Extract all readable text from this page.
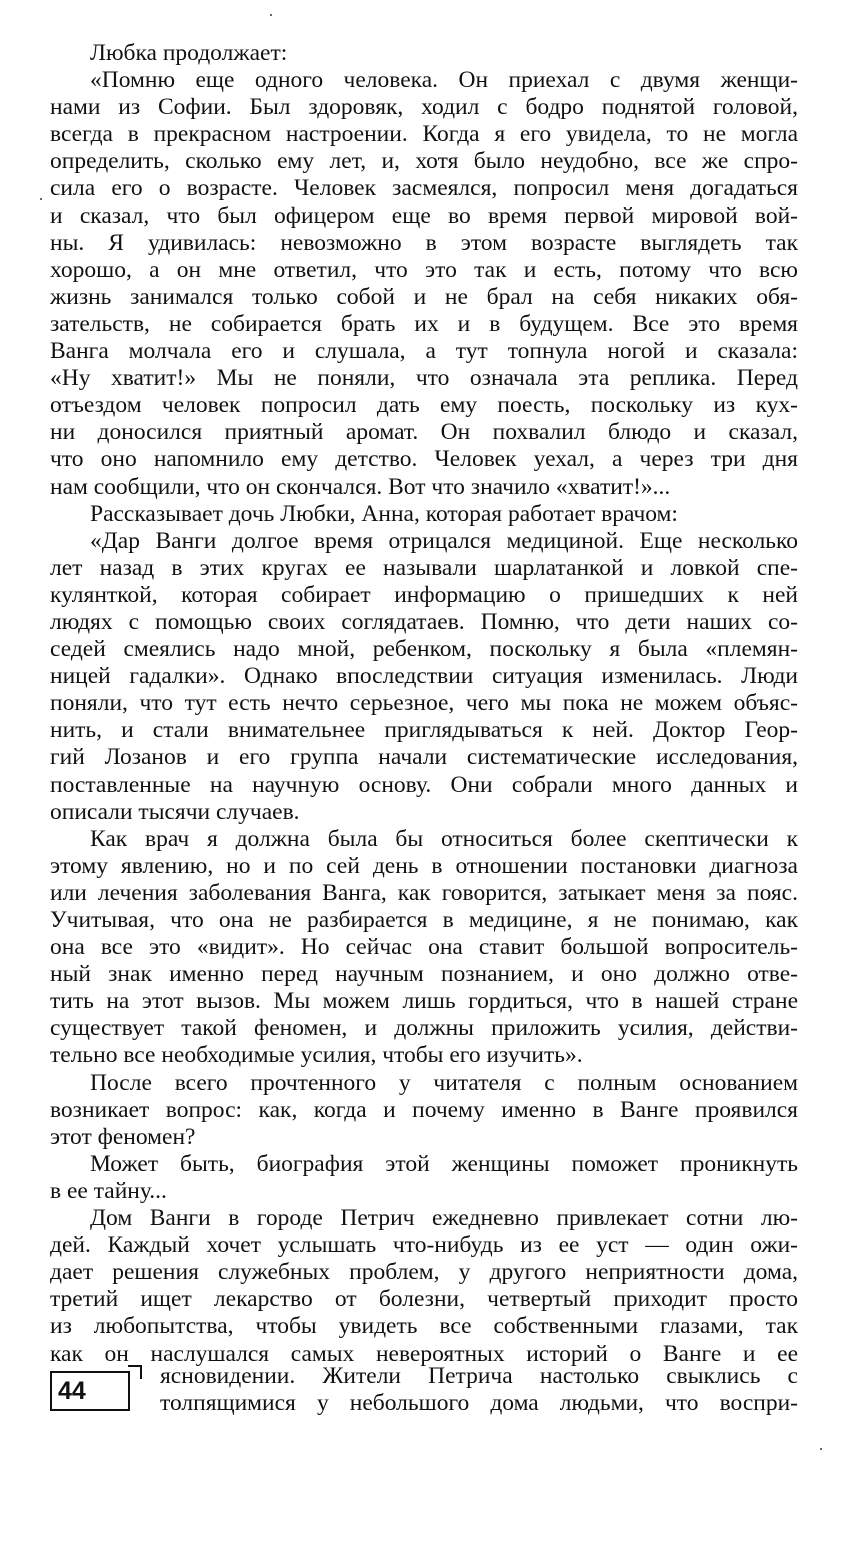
Любка продолжает:
«Помню еще одного человека. Он приехал с двумя женщи-
нами из Софии. Был здоровяк, ходил с бодро поднятой головой,
всегда в прекрасном настроении. Когда я его увидела, то не могла
определить, сколько ему лет, и, хотя было неудобно, все же спро-
сила его о возрасте. Человек засмеялся, попросил меня догадаться
и сказал, что был офицером еще во время первой мировой вой-
ны. Я удивилась: невозможно в этом возрасте выглядеть так
хорошо, а он мне ответил, что это так и есть, потому что всю
жизнь занимался только собой и не брал на себя никаких обя-
зательств, не собирается брать их и в будущем. Все это время
Ванга молчала его и слушала, а тут топнула ногой и сказала:
«Ну хватит!» Мы не поняли, что означала эта реплика. Перед
отъездом человек попросил дать ему поесть, поскольку из кух-
ни доносился приятный аромат. Он похвалил блюдо и сказал,
что оно напомнило ему детство. Человек уехал, а через три дня
нам сообщили, что он скончался. Вот что значило «хватит!»...
Рассказывает дочь Любки, Анна, которая работает врачом:
«Дар Ванги долгое время отрицался медициной. Еще несколько
лет назад в этих кругах ее называли шарлатанкой и ловкой спе-
кулянткой, которая собирает информацию о пришедших к ней
людях с помощью своих соглядатаев. Помню, что дети наших со-
седей смеялись надо мной, ребенком, поскольку я была «племян-
ницей гадалки». Однако впоследствии ситуация изменилась. Люди
поняли, что тут есть нечто серьезное, чего мы пока не можем объяс-
нить, и стали внимательнее приглядываться к ней. Доктор Геор-
гий Лозанов и его группа начали систематические исследования,
поставленные на научную основу. Они собрали много данных и
описали тысячи случаев.
Как врач я должна была бы относиться более скептически к
этому явлению, но и по сей день в отношении постановки диагноза
или лечения заболевания Ванга, как говорится, затыкает меня за пояс.
Учитывая, что она не разбирается в медицине, я не понимаю, как
она все это «видит». Но сейчас она ставит большой вопроситель-
ный знак именно перед научным познанием, и оно должно отве-
тить на этот вызов. Мы можем лишь гордиться, что в нашей стране
существует такой феномен, и должны приложить усилия, действи-
тельно все необходимые усилия, чтобы его изучить».
После всего прочтенного у читателя с полным основанием
возникает вопрос: как, когда и почему именно в Ванге проявился
этот феномен?
Может быть, биография этой женщины поможет проникнуть
в ее тайну...
Дом Ванги в городе Петрич ежедневно привлекает сотни лю-
дей. Каждый хочет услышать что-нибудь из ее уст — один ожи-
дает решения служебных проблем, у другого неприятности дома,
третий ищет лекарство от болезни, четвертый приходит просто
из любопытства, чтобы увидеть все собственными глазами, так
как он наслушался самых невероятных историй о Ванге и ее
44
ясновидении. Жители Петрича настолько свыклись с
толпящимися у небольшого дома людьми, что воспри-
